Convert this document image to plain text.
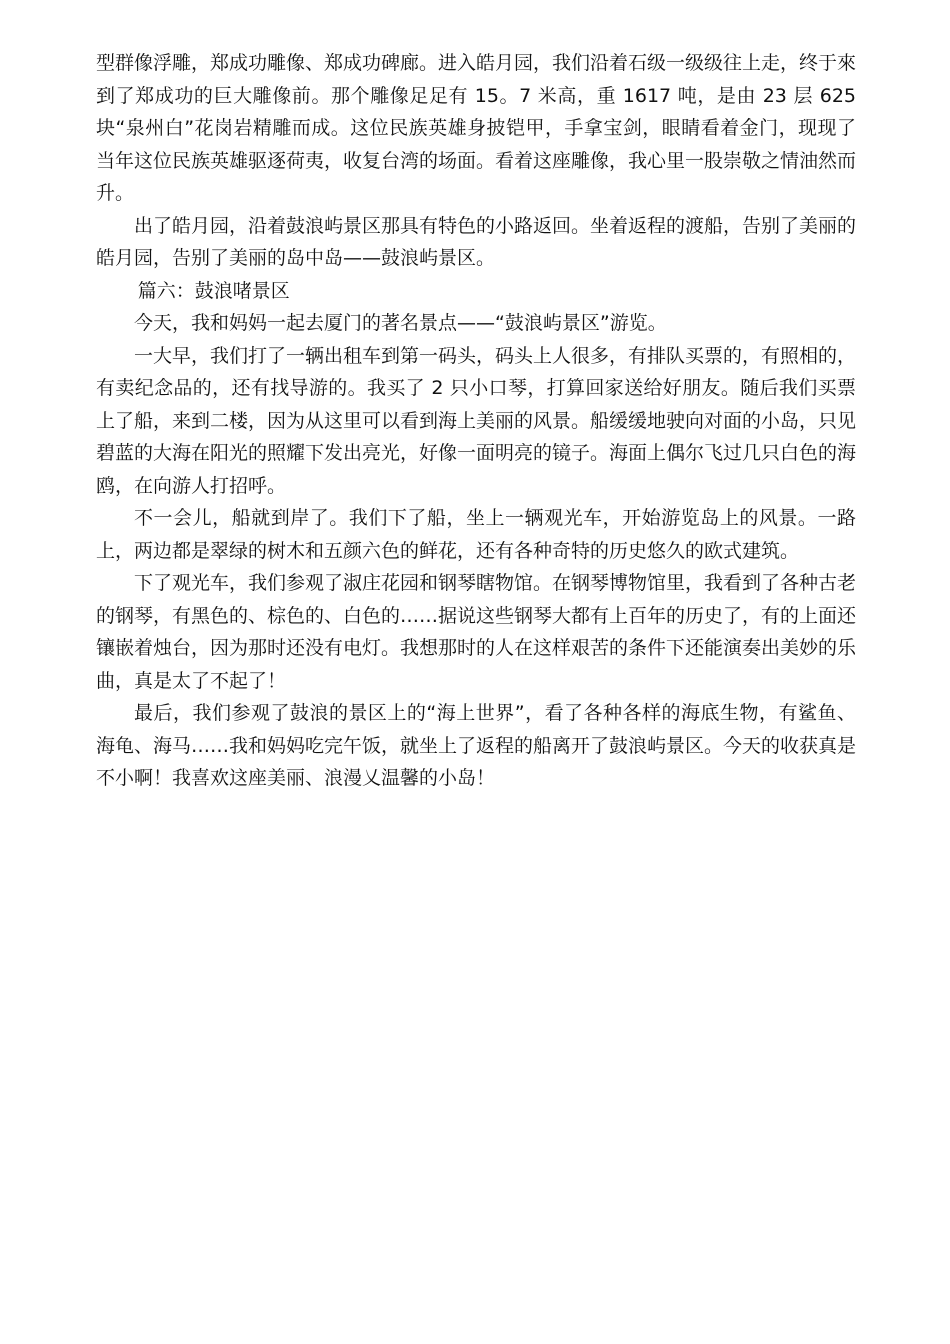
型群像浮雕，郑成功雕像、郑成功碑廊。进入皓月园，我们沿着石级一级级往上走，终于來到了郑成功的巨大雕像前。那个雕像足足有 15。7 米高，重 1617 吨，是由 23 层 625 块“泉州白”花岗岩精雕而成。这位民族英雄身披铠甲，手拿宝剑，眼睛看着金门，现现了当年这位民族英雄驱逐荷夷，收复台湾的场面。看着这座雕像，我心里一股崇敬之情油然而升。

出了皓月园，沿着鼓浪屿景区那具有特色的小路返回。坐着返程的渡船，告别了美丽的皓月园，告别了美丽的岛中岛——鼓浪屿景区。

篇六：鼓浪啫景区

今天，我和妈妈一起去厦门的著名景点——“鼓浪屿景区”游览。

一大早，我们打了一辆出租车到第一码头，码头上人很多，有排队买票的，有照相的，有卖纪念品的，还有找导游的。我买了 2 只小口琴，打算回家送给好朋友。随后我们买票上了船，来到二楼，因为从这里可以看到海上美丽的风景。船缓缓地驶向对面的小岛，只见碧蓝的大海在阳光的照耀下发出亮光，好像一面明亮的镜子。海面上偶尔飞过几只白色的海鸥，在向游人打招呼。

不一会儿，船就到岸了。我们下了船，坐上一辆观光车，开始游览岛上的风景。一路上，两边都是翠绿的树木和五颜六色的鲜花，还有各种奇特的历史悠久的欧式建筑。

下了观光车，我们参观了淑庄花园和钢琴瞎物馆。在钢琴博物馆里，我看到了各种古老的钢琴，有黑色的、棕色的、白色的……据说这些钢琴大都有上百年的历史了，有的上面还镶嵌着烛台，因为那时还没有电灯。我想那时的人在这样艰苦的条件下还能演奏出美妙的乐曲，真是太了不起了！

最后，我们参观了鼓浪的景区上的“海上世界”，看了各种各样的海底生物，有鲨鱼、海龟、海马……我和妈妈吃完午饭，就坐上了返程的船离开了鼓浪屿景区。今天的收获真是不小啊！我喜欢这座美丽、浪漫乂温馨的小岛！
